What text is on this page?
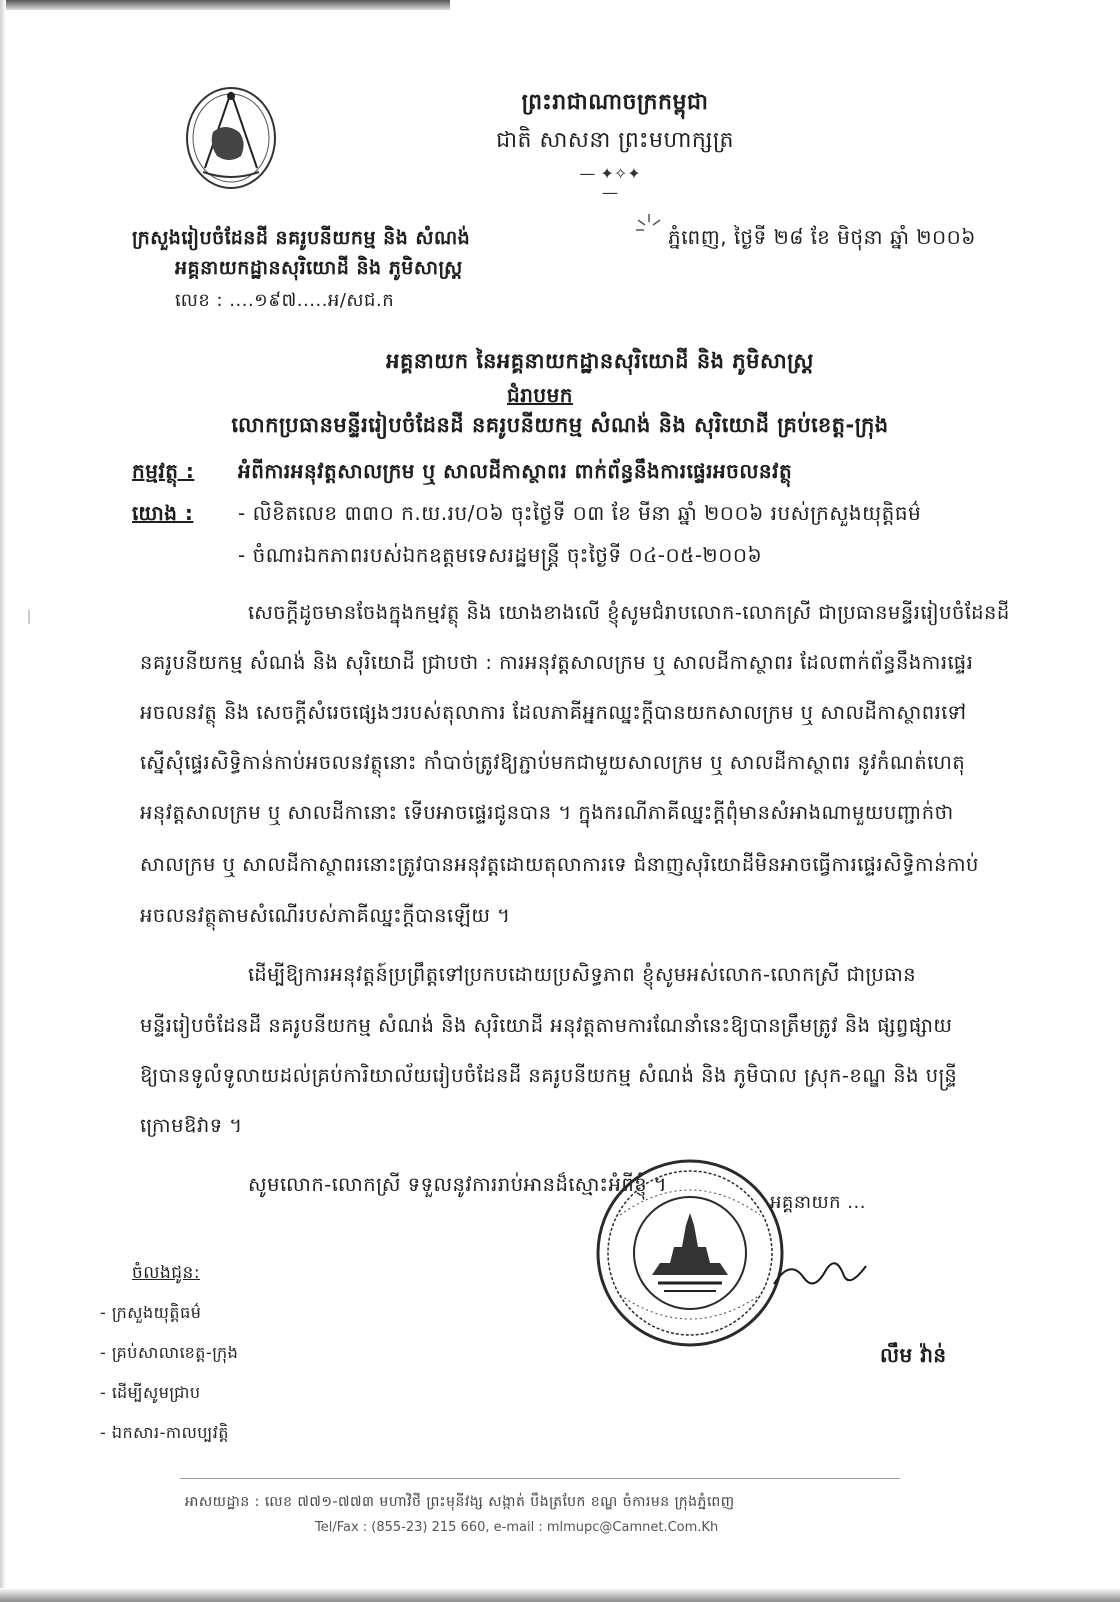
ព្រះរាជាណាចក្រកម្ពុជា
ជាតិ សាសនា ព្រះមហាក្សត្រ
— ✦✧✦ —
ក្រសួងរៀបចំដែនដី នគរូបនីយកម្ម និង សំណង់
អគ្គនាយកដ្ឋានសុរិយោដី និង ភូមិសាស្ត្រ
លេខ : ....១៩៧.....អ/សជ.ក
ភ្នំពេញ, ថ្ងៃទី ២៨ ខែ មិថុនា ឆ្នាំ ២០០៦
អគ្គនាយក នៃអគ្គនាយកដ្ឋានសុរិយោដី និង ភូមិសាស្ត្រ
ជំរាបមក
លោកប្រធានមន្ទីររៀបចំដែនដី នគរូបនីយកម្ម សំណង់ និង សុរិយោដី គ្រប់ខេត្ត-ក្រុង
កម្មវត្ថុ : អំពីការអនុវត្តសាលក្រម ឬ សាលដីកាស្ថាពរ ពាក់ព័ន្ធនឹងការផ្ទេរអចលនវត្ថុ
យោង : - លិខិតលេខ ៣៣០ ក.យ.រប/០៦ ចុះថ្ងៃទី ០៣ ខែ មីនា ឆ្នាំ ២០០៦ របស់ក្រសួងយុត្តិធម៌
- ចំណារឯកភាពរបស់ឯកឧត្តមទេសរដ្ឋមន្ត្រី ចុះថ្ងៃទី ០៤-០៥-២០០៦
សេចក្តីដូចមានចែងក្នុងកម្មវត្ថុ និង យោងខាងលើ ខ្ញុំសូមជំរាបលោក-លោកស្រី ជាប្រធានមន្ទីររៀបចំដែនដី
នគរូបនីយកម្ម សំណង់ និង សុរិយោដី ជ្រាបថា : ការអនុវត្តសាលក្រម ឬ សាលដីកាស្ថាពរ ដែលពាក់ព័ន្ធនឹងការផ្ទេរ
អចលនវត្ថុ និង សេចក្តីសំរេចផ្សេងៗរបស់តុលាការ ដែលភាគីអ្នកឈ្នះក្តីបានយកសាលក្រម ឬ សាលដីកាស្ថាពរទៅ
ស្នើសុំផ្ទេរសិទ្ធិកាន់កាប់អចលនវត្ថុនោះ កាំបាច់ត្រូវឱ្យភ្ជាប់មកជាមួយសាលក្រម ឬ សាលដីកាស្ថាពរ នូវកំណត់ហេតុ
អនុវត្តសាលក្រម ឬ សាលដីកានោះ ទើបអាចផ្ទេរជូនបាន ។ ក្នុងករណីភាគីឈ្នះក្តីពុំមានសំអាងណាមួយបញ្ជាក់ថា
សាលក្រម ឬ សាលដីកាស្ថាពរនោះត្រូវបានអនុវត្តដោយតុលាការទេ ជំនាញសុរិយោដីមិនអាចធ្វើការផ្ទេរសិទ្ធិកាន់កាប់
អចលនវត្ថុតាមសំណើរបស់ភាគីឈ្នះក្តីបានឡើយ ។
ដើម្បីឱ្យការអនុវត្តន៍ប្រព្រឹត្តទៅប្រកបដោយប្រសិទ្ធភាព ខ្ញុំសូមអស់លោក-លោកស្រី ជាប្រធាន
មន្ទីររៀបចំដែនដី នគរូបនីយកម្ម សំណង់ និង សុរិយោដី អនុវត្តតាមការណែនាំនេះឱ្យបានត្រឹមត្រូវ និង ផ្សព្វផ្សាយ
ឱ្យបានទូលំទូលាយដល់គ្រប់ការិយាល័យរៀបចំដែនដី នគរូបនីយកម្ម សំណង់ និង ភូមិបាល ស្រុក-ខណ្ឌ និង បន្ទ្រី
ក្រោមឱវាទ ។
សូមលោក-លោកស្រី ទទួលនូវការរាប់អានដ៏ស្មោះអំពីខ្ញុំ ។
អគ្គនាយក ...
លឹម វ៉ាន់
ចំលងជូន:
- ក្រសួងយុត្តិធម៌
- គ្រប់សាលាខេត្ត-ក្រុង
- ដើម្បីសូមជ្រាប
- ឯកសារ-កាលប្បវត្តិ
អាសយដ្ឋាន : លេខ ៧៧១-៧៧៣ មហាវិថី ព្រះមុនីវង្ស សង្កាត់ បឹងត្របែក ខណ្ឌ ចំការមន ក្រុងភ្នំពេញ
Tel/Fax : (855-23) 215 660, e-mail : mlmupc@Camnet.Com.Kh
